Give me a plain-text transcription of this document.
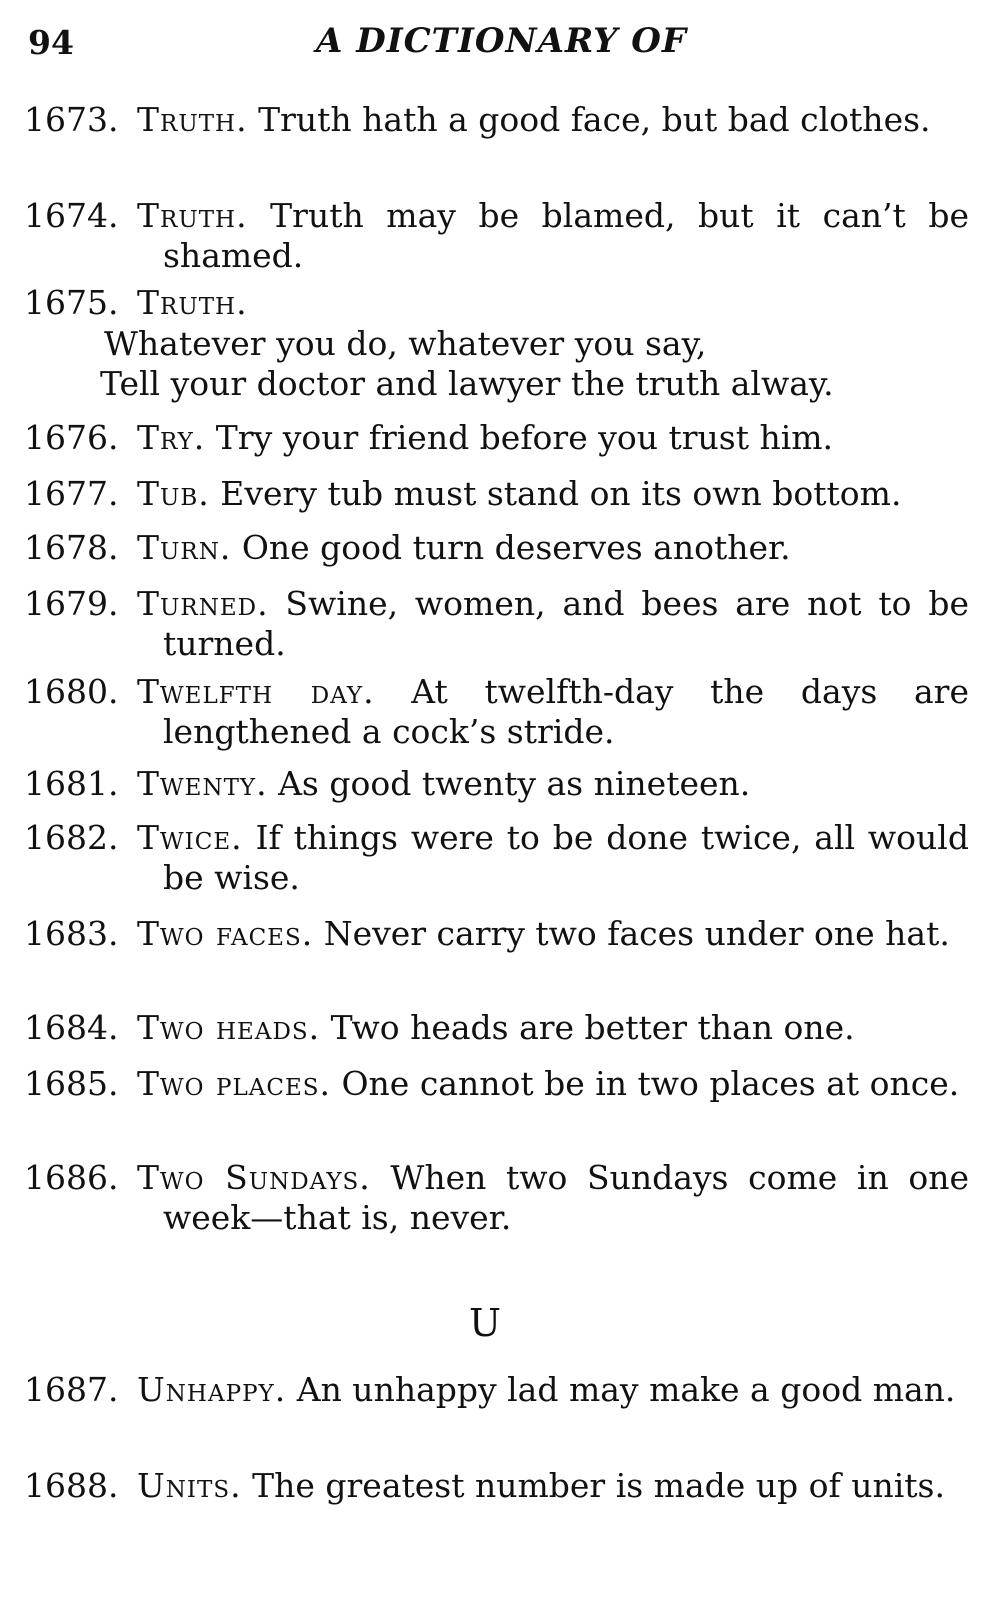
94	A DICTIONARY OF
1673. Truth. Truth hath a good face, but bad clothes.
1674. Truth. Truth may be blamed, but it can’t be shamed.
1675. Truth.
Whatever you do, whatever you say,
Tell your doctor and lawyer the truth alway.
1676. Try. Try your friend before you trust him.
1677. Tub. Every tub must stand on its own bottom.
1678. Turn. One good turn deserves another.
1679. Turned. Swine, women, and bees are not to be turned.
1680. Twelfth day. At twelfth-day the days are lengthened a cock’s stride.
1681. Twenty. As good twenty as nineteen.
1682. Twice. If things were to be done twice, all would be wise.
1683. Two faces. Never carry two faces under one hat.
1684. Two heads. Two heads are better than one.
1685. Two places. One cannot be in two places at once.
1686. Two Sundays. When two Sundays come in one week—that is, never.
U
1687. Unhappy. An unhappy lad may make a good man.
1688. Units. The greatest number is made up of units.
